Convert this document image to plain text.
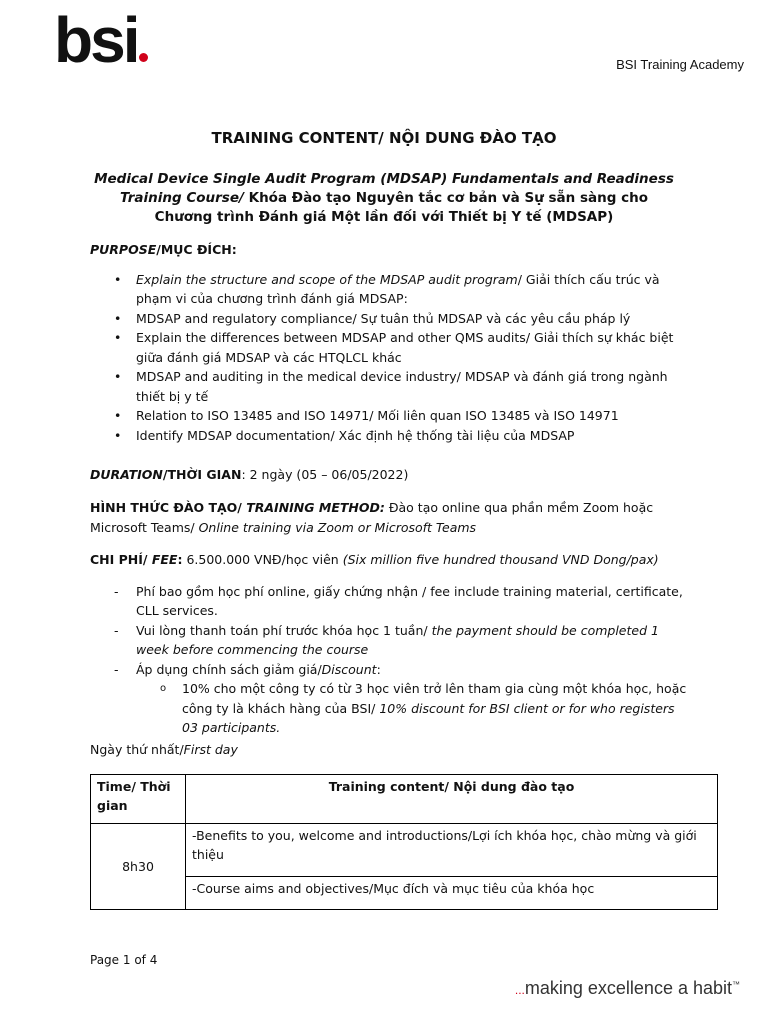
bsi	BSI Training Academy
TRAINING CONTENT/ NỘI DUNG ĐÀO TẠO
Medical Device Single Audit Program (MDSAP) Fundamentals and Readiness Training Course/ Khóa Đào tạo Nguyên tắc cơ bản và Sự sẵn sàng cho Chương trình Đánh giá Một lần đối với Thiết bị Y tế (MDSAP)
PURPOSE/MỤC ĐÍCH:
• Explain the structure and scope of the MDSAP audit program/ Giải thích cấu trúc và phạm vi của chương trình đánh giá MDSAP:
• MDSAP and regulatory compliance/ Sự tuân thủ MDSAP và các yêu cầu pháp lý
• Explain the differences between MDSAP and other QMS audits/ Giải thích sự khác biệt giữa đánh giá MDSAP và các HTQLCL khác
• MDSAP and auditing in the medical device industry/ MDSAP và đánh giá trong ngành thiết bị y tế
• Relation to ISO 13485 and ISO 14971/ Mối liên quan ISO 13485 và ISO 14971
• Identify MDSAP documentation/ Xác định hệ thống tài liệu của MDSAP
DURATION/THỜI GIAN: 2 ngày (05 – 06/05/2022)
HÌNH THỨC ĐÀO TẠO/ TRAINING METHOD: Đào tạo online qua phần mềm Zoom hoặc Microsoft Teams/ Online training via Zoom or Microsoft Teams
CHI PHÍ/ FEE: 6.500.000 VNĐ/học viên (Six million five hundred thousand VND Dong/pax)
- Phí bao gồm học phí online, giấy chứng nhận / fee include training material, certificate, CLL services.
- Vui lòng thanh toán phí trước khóa học 1 tuần/ the payment should be completed 1 week before commencing the course
- Áp dụng chính sách giảm giá/Discount:
o 10% cho một công ty có từ 3 học viên trở lên tham gia cùng một khóa học, hoặc công ty là khách hàng của BSI/ 10% discount for BSI client or for who registers 03 participants.
Ngày thứ nhất/First day
Time/ Thời gian	Training content/ Nội dung đào tạo
8h30	-Benefits to you, welcome and introductions/Lợi ích khóa học, chào mừng và giới thiệu
	-Course aims and objectives/Mục đích và mục tiêu của khóa học
Page 1 of 4
...making excellence a habit™
